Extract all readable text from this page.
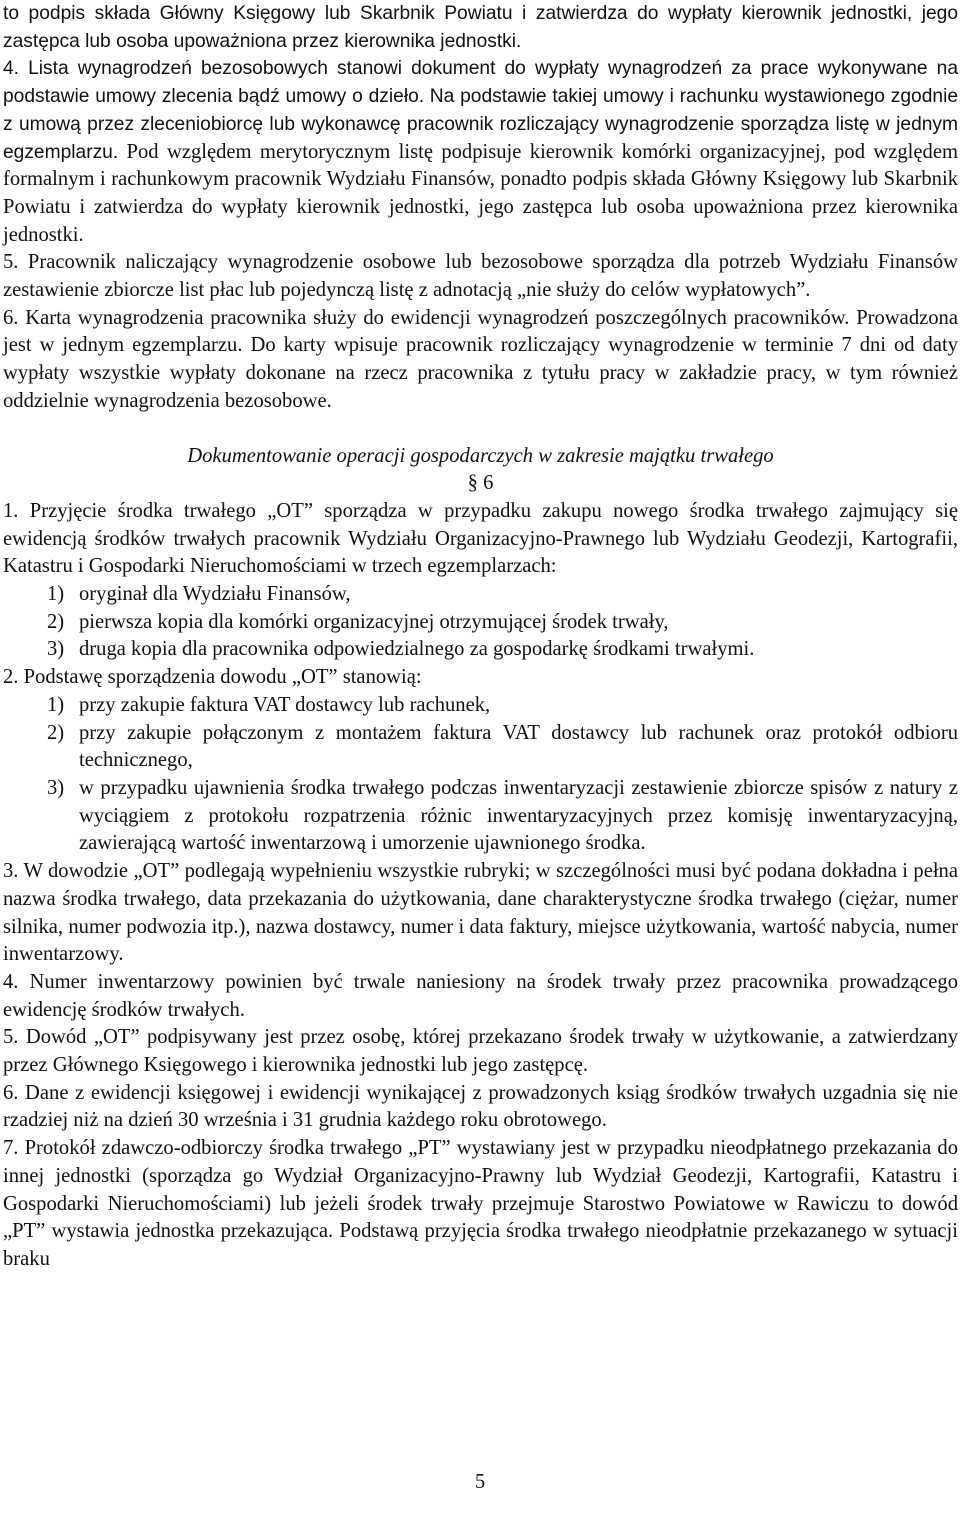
to podpis składa Główny Księgowy lub Skarbnik Powiatu i zatwierdza do wypłaty kierownik jednostki, jego zastępca lub osoba upoważniona przez kierownika jednostki.

4. Lista wynagrodzeń bezosobowych stanowi dokument do wypłaty wynagrodzeń za prace wykonywane na podstawie umowy zlecenia bądź umowy o dzieło. Na podstawie takiej umowy i rachunku wystawionego zgodnie z umową przez zleceniobiorcę lub wykonawcę pracownik rozliczający wynagrodzenie sporządza listę w jednym egzemplarzu. Pod względem merytorycznym listę podpisuje kierownik komórki organizacyjnej, pod względem formalnym i rachunkowym pracownik Wydziału Finansów, ponadto podpis składa Główny Księgowy lub Skarbnik Powiatu i zatwierdza do wypłaty kierownik jednostki, jego zastępca lub osoba upoważniona przez kierownika jednostki.

5. Pracownik naliczający wynagrodzenie osobowe lub bezosobowe sporządza dla potrzeb Wydziału Finansów zestawienie zbiorcze list płac lub pojedynczą listę z adnotacją „nie służy do celów wypłatowych”.

6. Karta wynagrodzenia pracownika służy do ewidencji wynagrodzeń poszczególnych pracowników. Prowadzona jest w jednym egzemplarzu. Do karty wpisuje pracownik rozliczający wynagrodzenie w terminie 7 dni od daty wypłaty wszystkie wypłaty dokonane na rzecz pracownika z tytułu pracy w zakładzie pracy, w tym również oddzielnie wynagrodzenia bezosobowe.

Dokumentowanie operacji gospodarczych w zakresie majątku trwałego

§ 6

1. Przyjęcie środka trwałego „OT” sporządza w przypadku zakupu nowego środka trwałego zajmujący się ewidencją środków trwałych pracownik Wydziału Organizacyjno-Prawnego lub Wydziału Geodezji, Kartografii, Katastru i Gospodarki Nieruchomościami w trzech egzemplarzach:

1) oryginał dla Wydziału Finansów,
2) pierwsza kopia dla komórki organizacyjnej otrzymującej środek trwały,
3) druga kopia dla pracownika odpowiedzialnego za gospodarkę środkami trwałymi.

2. Podstawę sporządzenia dowodu „OT” stanowią:

1) przy zakupie faktura VAT dostawcy lub rachunek,
2) przy zakupie połączonym z montażem faktura VAT dostawcy lub rachunek oraz protokół odbioru technicznego,
3) w przypadku ujawnienia środka trwałego podczas inwentaryzacji zestawienie zbiorcze spisów z natury z wyciągiem z protokołu rozpatrzenia różnic inwentaryzacyjnych przez komisję inwentaryzacyjną, zawierającą wartość inwentarzową i umorzenie ujawnionego środka.

3. W dowodzie „OT” podlegają wypełnieniu wszystkie rubryki; w szczególności musi być podana dokładna i pełna nazwa środka trwałego, data przekazania do użytkowania, dane charakterystyczne środka trwałego (ciężar, numer silnika, numer podwozia itp.), nazwa dostawcy, numer i data faktury, miejsce użytkowania, wartość nabycia, numer inwentarzowy.

4. Numer inwentarzowy powinien być trwale naniesiony na środek trwały przez pracownika prowadzącego ewidencję środków trwałych.

5. Dowód „OT” podpisywany jest przez osobę, której przekazano środek trwały w użytkowanie, a zatwierdzany przez Głównego Księgowego i kierownika jednostki lub jego zastępcę.

6. Dane z ewidencji księgowej i ewidencji wynikającej z prowadzonych ksiąg środków trwałych uzgadnia się nie rzadziej niż na dzień 30 września i 31 grudnia każdego roku obrotowego.

7. Protokół zdawczo-odbiorczy środka trwałego „PT” wystawiany jest w przypadku nieodpłatnego przekazania do innej jednostki (sporządza go Wydział Organizacyjno-Prawny lub Wydział Geodezji, Kartografii, Katastru i Gospodarki Nieruchomościami) lub jeżeli środek trwały przejmuje Starostwo Powiatowe w Rawiczu to dowód „PT” wystawia jednostka przekazująca. Podstawą przyjęcia środka trwałego nieodpłatnie przekazanego w sytuacji braku

5
